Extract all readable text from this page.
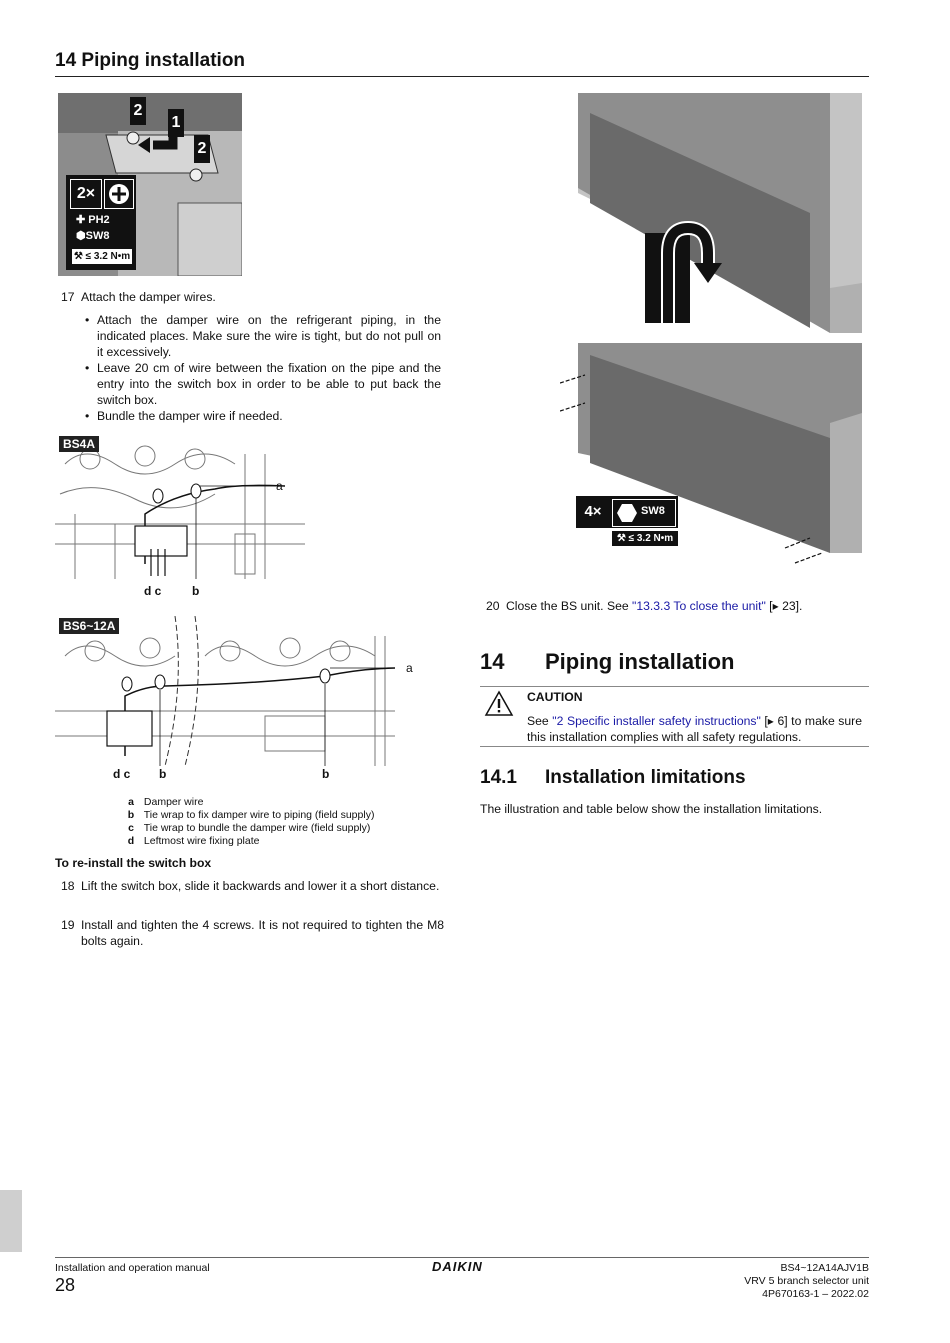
14 Piping installation
2
1
2
2×
✚ PH2
⬢SW8
⚒ ≤ 3.2 N•m
17 Attach the damper wires.
• Attach the damper wire on the refrigerant piping, in the indicated places. Make sure the wire is tight, but do not pull on it excessively.
• Leave 20 cm of wire between the fixation on the pipe and the entry into the switch box in order to be able to put back the switch box.
• Bundle the damper wire if needed.
BS4A
a
d c	b
BS6~12A
a
d c b	b
a Damper wire
b Tie wrap to fix damper wire to piping (field supply)
c Tie wrap to bundle the damper wire (field supply)
d Leftmost wire fixing plate
To re-install the switch box
18 Lift the switch box, slide it backwards and lower it a short distance.
19 Install and tighten the 4 screws. It is not required to tighten the M8 bolts again.
4×	SW8
⚒ ≤ 3.2 N•m
20 Close the BS unit. See "13.3.3 To close the unit" [▸ 23].
14 Piping installation
CAUTION
See "2 Specific installer safety instructions" [▸ 6] to make sure this installation complies with all safety regulations.
14.1 Installation limitations
The illustration and table below show the installation limitations.
Installation and operation manual
28
DAIKIN	BS4~12A14AJV1B
VRV 5 branch selector unit
4P670163-1 – 2022.02
